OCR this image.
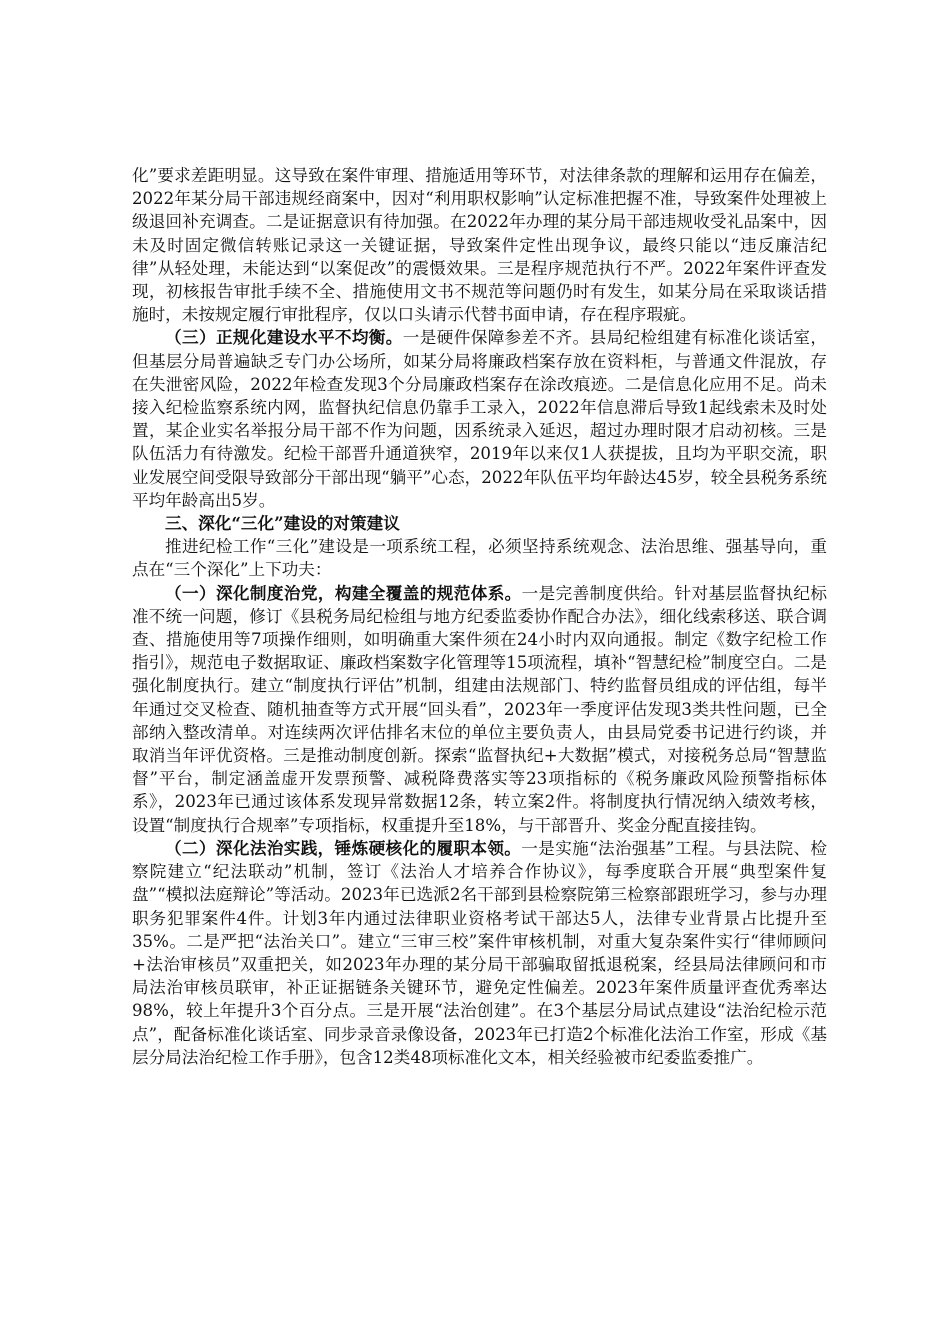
化”要求差距明显。这导致在案件审理、措施适用等环节，对法律条款的理解和运用存在偏差，2022年某分局干部违规经商案中，因对“利用职权影响”认定标准把握不准，导致案件处理被上级退回补充调查。二是证据意识有待加强。在2022年办理的某分局干部违规收受礼品案中，因未及时固定微信转账记录这一关键证据，导致案件定性出现争议，最终只能以“违反廉洁纪律”从轻处理，未能达到“以案促改”的震慑效果。三是程序规范执行不严。2022年案件评查发现，初核报告审批手续不全、措施使用文书不规范等问题仍时有发生，如某分局在采取谈话措施时，未按规定履行审批程序，仅以口头请示代替书面申请，存在程序瑕疵。

（三）正规化建设水平不均衡。一是硬件保障参差不齐。县局纪检组建有标准化谈话室，但基层分局普遍缺乏专门办公场所，如某分局将廉政档案存放在资料柜，与普通文件混放，存在失泄密风险，2022年检查发现3个分局廉政档案存在涂改痕迹。二是信息化应用不足。尚未接入纪检监察系统内网，监督执纪信息仍靠手工录入，2022年信息滞后导致1起线索未及时处置，某企业实名举报分局干部不作为问题，因系统录入延迟，超过办理时限才启动初核。三是队伍活力有待激发。纪检干部晋升通道狭窄，2019年以来仅1人获提拔，且均为平职交流，职业发展空间受限导致部分干部出现“躺平”心态，2022年队伍平均年龄达45岁，较全县税务系统平均年龄高出5岁。

三、深化“三化”建设的对策建议

推进纪检工作“三化”建设是一项系统工程，必须坚持系统观念、法治思维、强基导向，重点在“三个深化”上下功夫：

（一）深化制度治党，构建全覆盖的规范体系。一是完善制度供给。针对基层监督执纪标准不统一问题，修订《县税务局纪检组与地方纪委监委协作配合办法》，细化线索移送、联合调查、措施使用等7项操作细则，如明确重大案件须在24小时内双向通报。制定《数字纪检工作指引》，规范电子数据取证、廉政档案数字化管理等15项流程，填补“智慧纪检”制度空白。二是强化制度执行。建立“制度执行评估”机制，组建由法规部门、特约监督员组成的评估组，每半年通过交叉检查、随机抽查等方式开展“回头看”，2023年一季度评估发现3类共性问题，已全部纳入整改清单。对连续两次评估排名末位的单位主要负责人，由县局党委书记进行约谈，并取消当年评优资格。三是推动制度创新。探索“监督执纪+大数据”模式，对接税务总局“智慧监督”平台，制定涵盖虚开发票预警、减税降费落实等23项指标的《税务廉政风险预警指标体系》，2023年已通过该体系发现异常数据12条，转立案2件。将制度执行情况纳入绩效考核，设置“制度执行合规率”专项指标，权重提升至18%，与干部晋升、奖金分配直接挂钩。

（二）深化法治实践，锤炼硬核化的履职本领。一是实施“法治强基”工程。与县法院、检察院建立“纪法联动”机制，签订《法治人才培养合作协议》，每季度联合开展“典型案件复盘”“模拟法庭辩论”等活动。2023年已选派2名干部到县检察院第三检察部跟班学习，参与办理职务犯罪案件4件。计划3年内通过法律职业资格考试干部达5人，法律专业背景占比提升至35%。二是严把“法治关口”。建立“三审三校”案件审核机制，对重大复杂案件实行“律师顾问+法治审核员”双重把关，如2023年办理的某分局干部骗取留抵退税案，经县局法律顾问和市局法治审核员联审，补正证据链条关键环节，避免定性偏差。2023年案件质量评查优秀率达98%，较上年提升3个百分点。三是开展“法治创建”。在3个基层分局试点建设“法治纪检示范点”，配备标准化谈话室、同步录音录像设备，2023年已打造2个标准化法治工作室，形成《基层分局法治纪检工作手册》，包含12类48项标准化文本，相关经验被市纪委监委推广。
